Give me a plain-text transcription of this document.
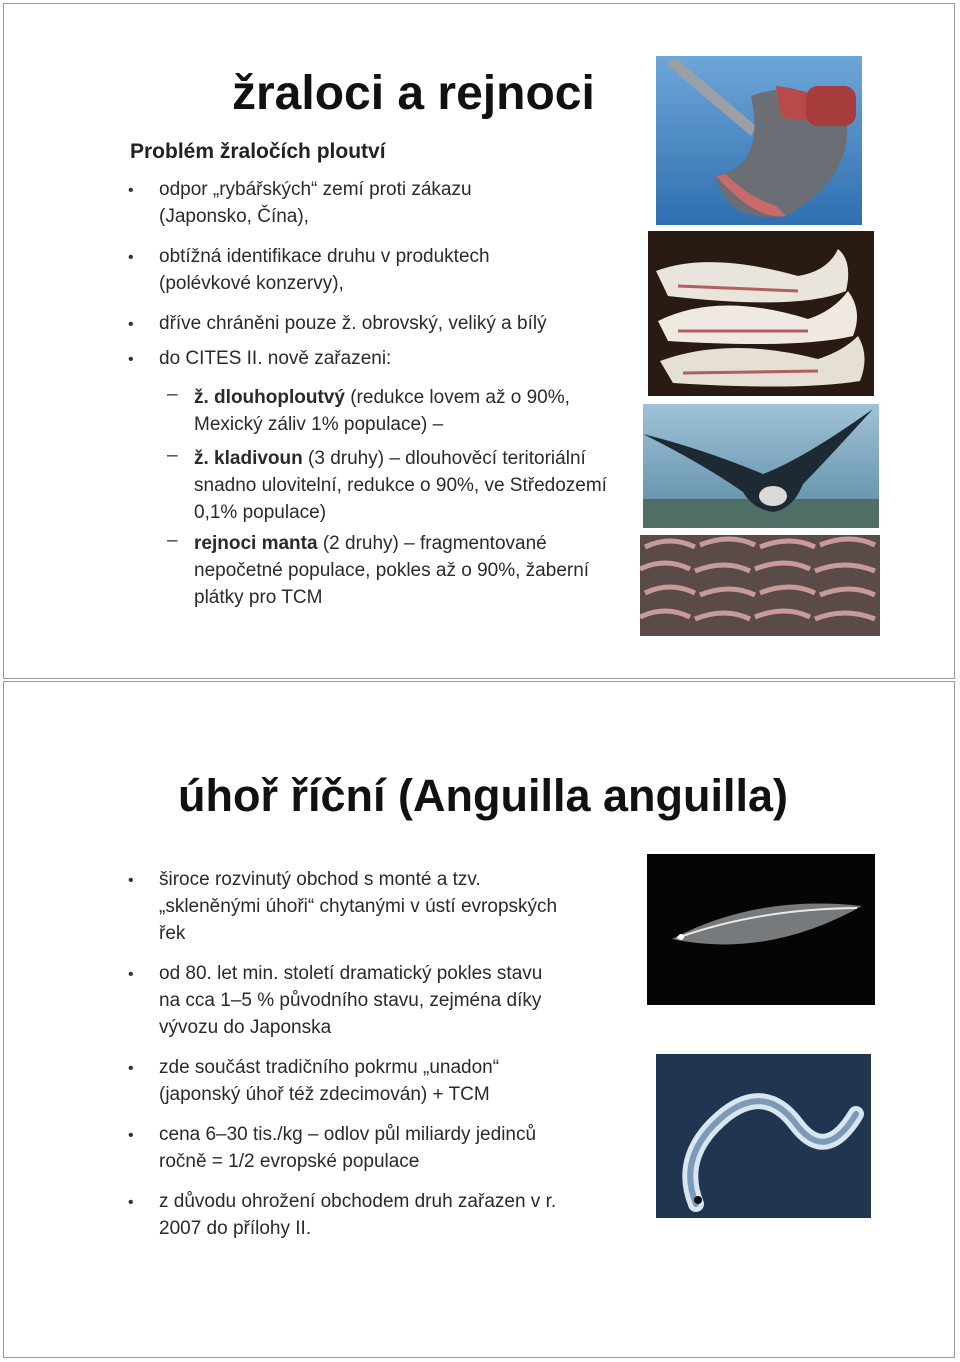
žraloci a rejnoci
Problém žraločích ploutví
• odpor „rybářských“ zemí proti zákazu
(Japonsko, Čína),
• obtížná identifikace druhu v produktech
(polévkové konzervy),
• dříve chráněni pouze ž. obrovský, veliký a bílý
• do CITES II. nově zařazeni:
– ž. dlouhoploutvý (redukce lovem až o 90%,
Mexický záliv 1% populace) –
– ž. kladivoun (3 druhy) – dlouhověcí teritoriální
snadno ulovitelní, redukce o 90%, ve Středozemí
0,1% populace)
– rejnoci manta (2 druhy) – fragmentované
nepočetné populace, pokles až o 90%, žaberní
plátky pro TCM
úhoř říční (Anguilla anguilla)
• široce rozvinutý obchod s monté a tzv.
„skleněnými úhoři“ chytanými v ústí evropských
řek
• od 80. let min. století dramatický pokles stavu
na cca 1–5 % původního stavu, zejména díky
vývozu do Japonska
• zde součást tradičního pokrmu „unadon“
(japonský úhoř též zdecimován) + TCM
• cena 6–30 tis./kg – odlov půl miliardy jedinců
ročně = 1/2 evropské populace
• z důvodu ohrožení obchodem druh zařazen v r.
2007 do přílohy II.
